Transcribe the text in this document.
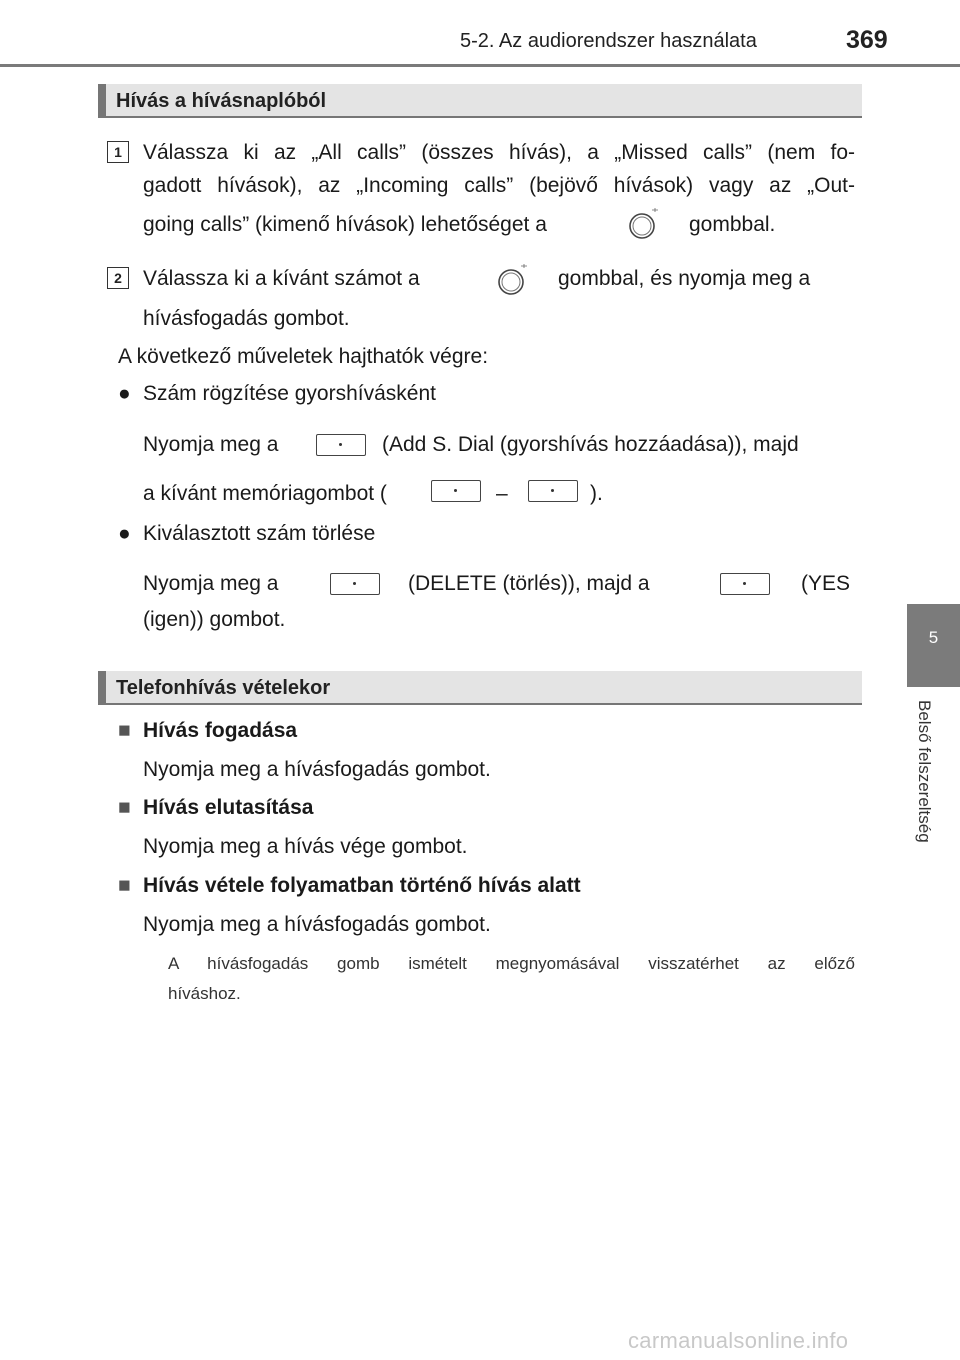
5-2. Az audiorendszer használata	369
5
Belső felszereltség
Hívás a hívásnaplóból
1	Válassza ki az „All calls” (összes hívás), a „Missed calls” (nem fo-
gadott hívások), az „Incoming calls” (bejövő hívások) vagy az „Out-
going calls” (kimenő hívások) lehetőséget a	gombbal.
2	Válassza ki a kívánt számot a	gombbal, és nyomja meg a
hívásfogadás gombot.
A következő műveletek hajthatók végre:
● Szám rögzítése gyorshívásként
Nyomja meg a	(Add S. Dial (gyorshívás hozzáadása)), majd
a kívánt memóriagombot (	–	).
● Kiválasztott szám törlése
Nyomja meg a	(DELETE (törlés)), majd a	(YES
(igen)) gombot.
Telefonhívás vételekor
■ Hívás fogadása
Nyomja meg a hívásfogadás gombot.
■ Hívás elutasítása
Nyomja meg a hívás vége gombot.
■ Hívás vétele folyamatban történő hívás alatt
Nyomja meg a hívásfogadás gombot.
A hívásfogadás gomb ismételt megnyomásával visszatérhet az előző
híváshoz.
carmanualsonline.info
